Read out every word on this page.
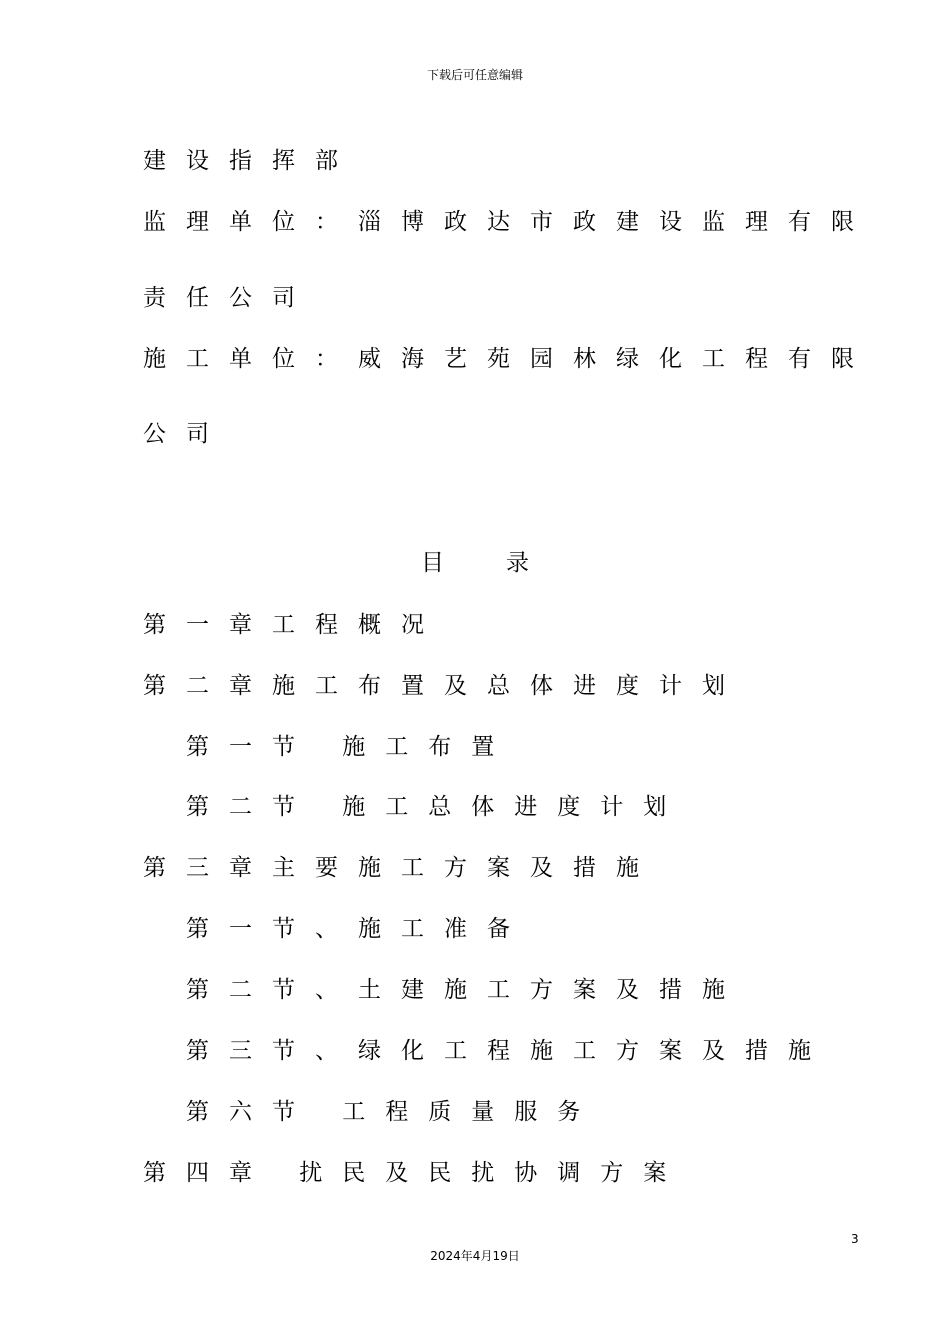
下载后可任意编辑
建设指挥部
监理单位：淄博政达市政建设监理有限
责任公司
施工单位：威海艺苑园林绿化工程有限
公司
目	录
第一章工程概况
第二章施工布置及总体进度计划
第一节 施工布置
第二节 施工总体进度计划
第三章主要施工方案及措施
第一节、施工准备
第二节、土建施工方案及措施
第三节、绿化工程施工方案及措施
第六节 工程质量服务
第四章 扰民及民扰协调方案
3
2024年4月19日
